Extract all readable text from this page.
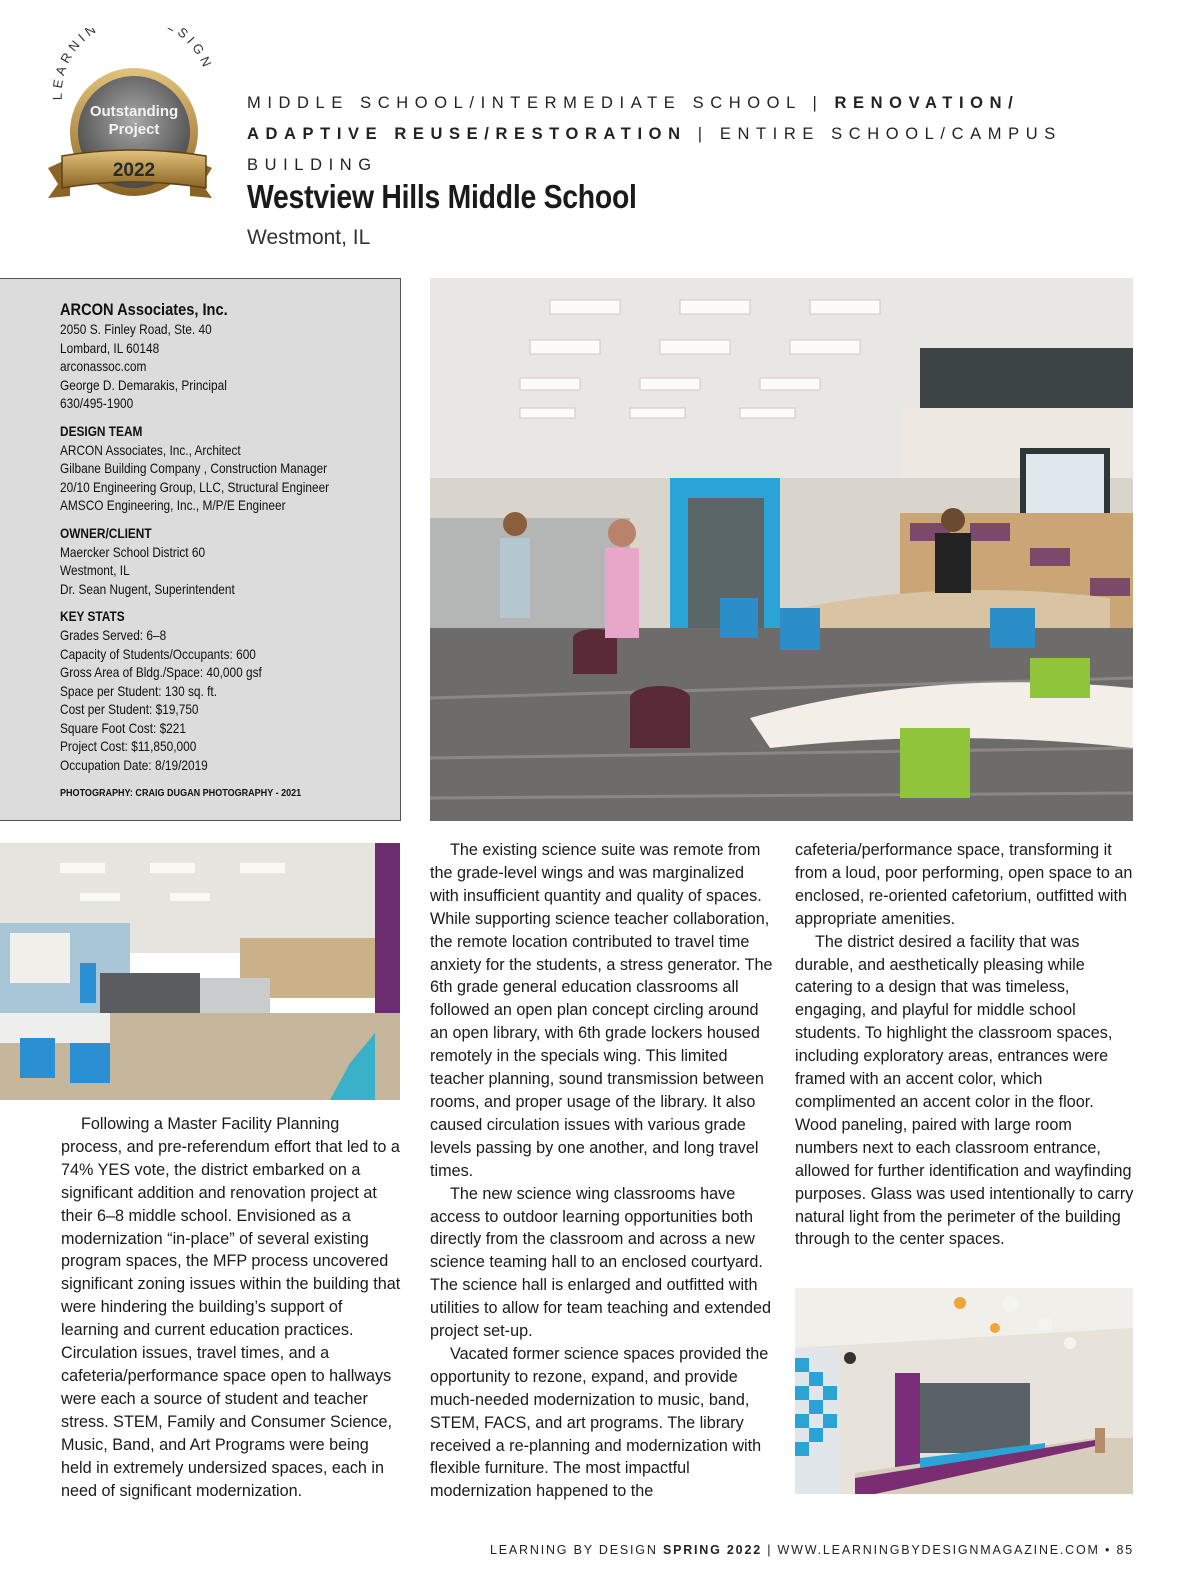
LEARNIN SIGN
Outstanding
Project
2022
MIDDLE SCHOOL/INTERMEDIATE SCHOOL | RENOVATION/ ADAPTIVE REUSE/RESTORATION | ENTIRE SCHOOL/CAMPUS BUILDING
Westview Hills Middle School
Westmont, IL
ARCON Associates, Inc.
2050 S. Finley Road, Ste. 40
Lombard, IL 60148
arconassoc.com
George D. Demarakis, Principal
630/495-1900
DESIGN TEAM
ARCON Associates, Inc., Architect
Gilbane Building Company , Construction Manager
20/10 Engineering Group, LLC, Structural Engineer
AMSCO Engineering, Inc., M/P/E Engineer
OWNER/CLIENT
Maercker School District 60
Westmont, IL
Dr. Sean Nugent, Superintendent
KEY STATS
Grades Served: 6–8
Capacity of Students/Occupants: 600
Gross Area of Bldg./Space: 40,000 gsf
Space per Student: 130 sq. ft.
Cost per Student: $19,750
Square Foot Cost: $221
Project Cost: $11,850,000
Occupation Date: 8/19/2019
PHOTOGRAPHY: CRAIG DUGAN PHOTOGRAPHY - 2021

Following a Master Facility Planning process, and pre-referendum effort that led to a 74% YES vote, the district embarked on a significant addition and renovation project at their 6–8 middle school. Envisioned as a modernization “in-place” of several existing program spaces, the MFP process uncovered significant zoning issues within the building that were hindering the building’s support of learning and current education practices. Circulation issues, travel times, and a cafeteria/performance space open to hallways were each a source of student and teacher stress. STEM, Family and Consumer Science, Music, Band, and Art Programs were being held in extremely undersized spaces, each in need of significant modernization.

The existing science suite was remote from the grade-level wings and was marginalized with insufficient quantity and quality of spaces. While supporting science teacher collaboration, the remote location contributed to travel time anxiety for the students, a stress generator. The 6th grade general education classrooms all followed an open plan concept circling around an open library, with 6th grade lockers housed remotely in the specials wing. This limited teacher planning, sound transmission between rooms, and proper usage of the library. It also caused circulation issues with various grade levels passing by one another, and long travel times.

The new science wing classrooms have access to outdoor learning opportunities both directly from the classroom and across a new science teaming hall to an enclosed courtyard. The science hall is enlarged and outfitted with utilities to allow for team teaching and extended project set-up.

Vacated former science spaces provided the opportunity to rezone, expand, and provide much-needed modernization to music, band, STEM, FACS, and art programs. The library received a re-planning and modernization with flexible furniture. The most impactful modernization happened to the

cafeteria/performance space, transforming it from a loud, poor performing, open space to an enclosed, re-oriented cafetorium, outfitted with appropriate amenities.

The district desired a facility that was durable, and aesthetically pleasing while catering to a design that was timeless, engaging, and playful for middle school students. To highlight the classroom spaces, including exploratory areas, entrances were framed with an accent color, which complimented an accent color in the floor. Wood paneling, paired with large room numbers next to each classroom entrance, allowed for further identification and wayfinding purposes. Glass was used intentionally to carry natural light from the perimeter of the building through to the center spaces.

LEARNING BY DESIGN SPRING 2022 | WWW.LEARNINGBYDESIGNMAGAZINE.COM • 85
